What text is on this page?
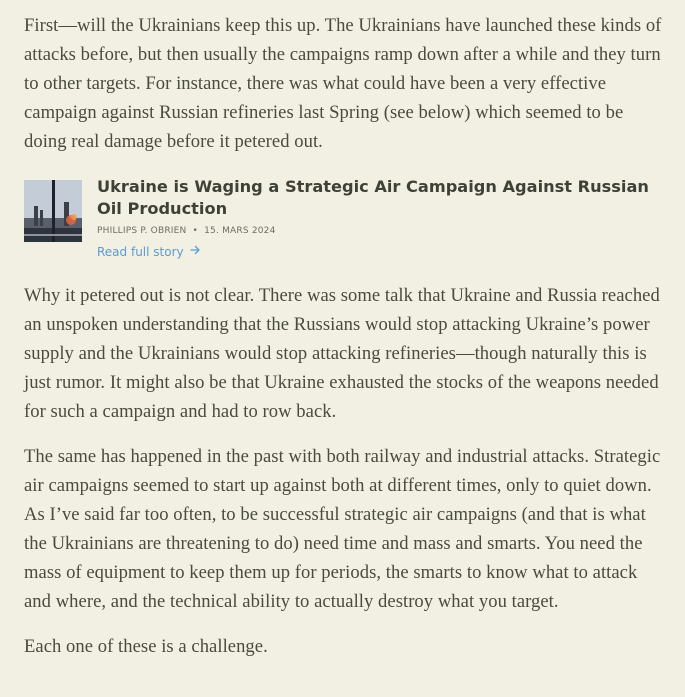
First—will the Ukrainians keep this up. The Ukrainians have launched these kinds of attacks before, but then usually the campaigns ramp down after a while and they turn to other targets. For instance, there was what could have been a very effective campaign against Russian refineries last Spring (see below) which seemed to be doing real damage before it petered out.

Ukraine is Waging a Strategic Air Campaign Against Russian Oil Production

PHILLIPS P. OBRIEN • 15. MARS 2024
Read full story

Why it petered out is not clear. There was some talk that Ukraine and Russia reached an unspoken understanding that the Russians would stop attacking Ukraine’s power supply and the Ukrainians would stop attacking refineries—though naturally this is just rumor. It might also be that Ukraine exhausted the stocks of the weapons needed for such a campaign and had to row back.

The same has happened in the past with both railway and industrial attacks. Strategic air campaigns seemed to start up against both at different times, only to quiet down. As I’ve said far too often, to be successful strategic air campaigns (and that is what the Ukrainians are threatening to do) need time and mass and smarts. You need the mass of equipment to keep them up for periods, the smarts to know what to attack and where, and the technical ability to actually destroy what you target.

Each one of these is a challenge.
